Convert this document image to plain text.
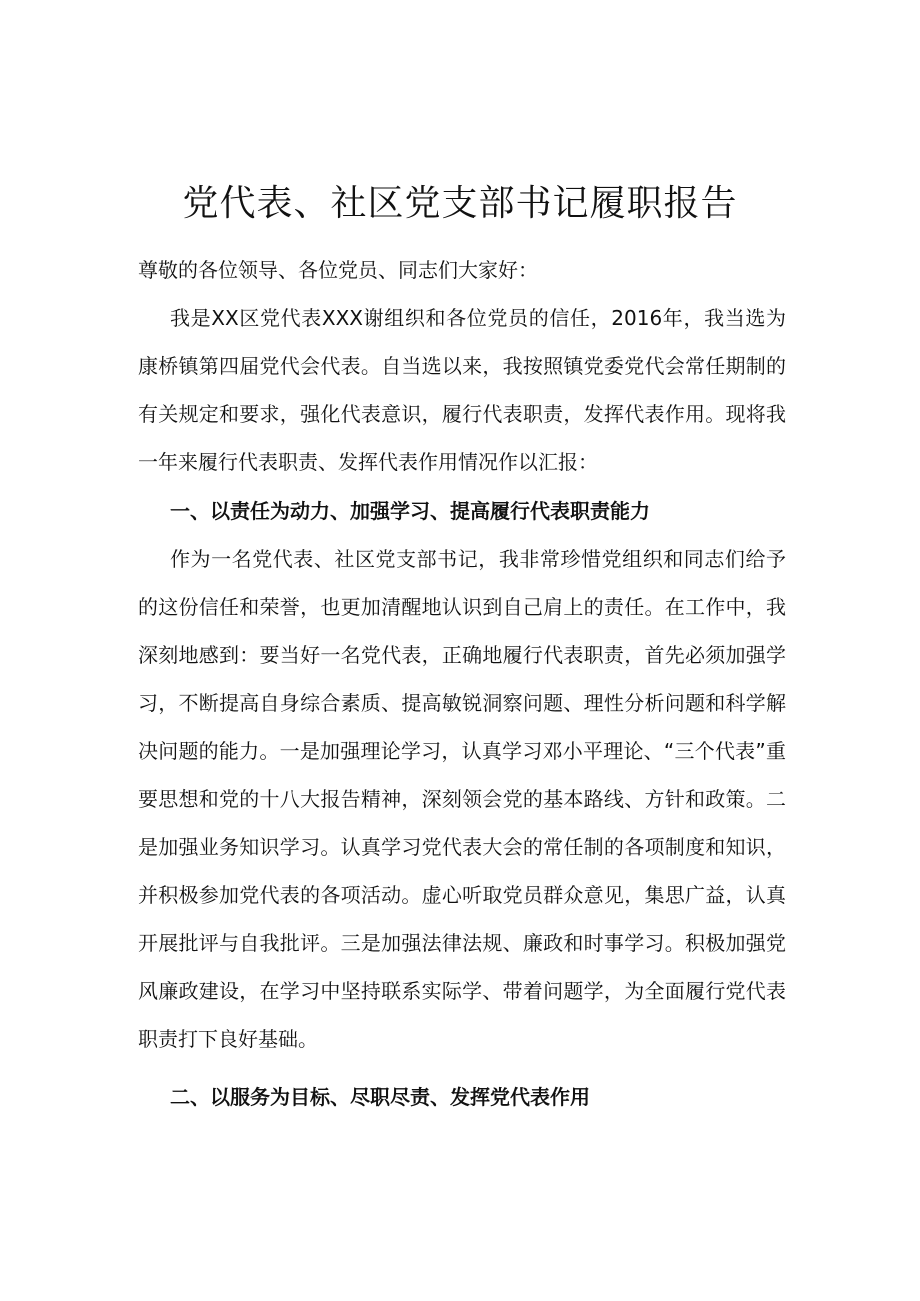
党代表、社区党支部书记履职报告

尊敬的各位领导、各位党员、同志们大家好：

我是XX区党代表XXX谢组织和各位党员的信任，2016年，我当选为康桥镇第四届党代会代表。自当选以来，我按照镇党委党代会常任期制的有关规定和要求，强化代表意识，履行代表职责，发挥代表作用。现将我一年来履行代表职责、发挥代表作用情况作以汇报：

一、以责任为动力、加强学习、提高履行代表职责能力

作为一名党代表、社区党支部书记，我非常珍惜党组织和同志们给予的这份信任和荣誉，也更加清醒地认识到自己肩上的责任。在工作中，我深刻地感到：要当好一名党代表，正确地履行代表职责，首先必须加强学习，不断提高自身综合素质、提高敏锐洞察问题、理性分析问题和科学解决问题的能力。一是加强理论学习，认真学习邓小平理论、“三个代表”重要思想和党的十八大报告精神，深刻领会党的基本路线、方针和政策。二是加强业务知识学习。认真学习党代表大会的常任制的各项制度和知识，并积极参加党代表的各项活动。虚心听取党员群众意见，集思广益，认真开展批评与自我批评。三是加强法律法规、廉政和时事学习。积极加强党风廉政建设，在学习中坚持联系实际学、带着问题学，为全面履行党代表职责打下良好基础。

二、以服务为目标、尽职尽责、发挥党代表作用
